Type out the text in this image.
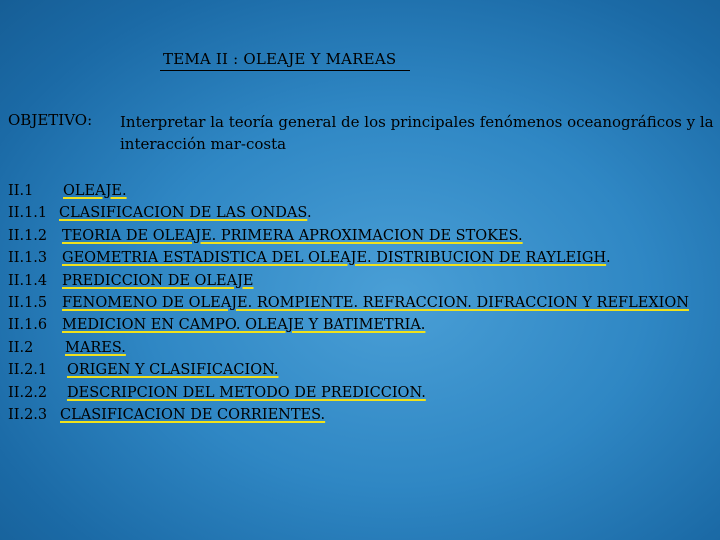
TEMA II : OLEAJE Y MAREAS
OBJETIVO: Interpretar la teoría general de los principales fenómenos oceanográficos y la
interacción mar-costa
II.1 OLEAJE.
II.1.1 CLASIFICACION DE LAS ONDAS .
II.1.2 TEORIA DE OLEAJE. PRIMERA APROXIMACION DE STOKES.
II.1.3 GEOMETRIA ESTADISTICA DEL OLEAJE. DISTRIBUCION DE RAYLEIGH .
II.1.4 PREDICCION DE OLEAJE
II.1.5 FENOMENO DE OLEAJE. ROMPIENTE. REFRACCION. DIFRACCION Y REFLEXION
II.1.6 MEDICION EN CAMPO. OLEAJE Y BATIMETRIA.
II.2 MARES.
II.2.1 ORIGEN Y CLASIFICACION.
II.2.2 DESCRIPCION DEL METODO DE PREDICCION.
II.2.3 CLASIFICACION DE CORRIENTES.
